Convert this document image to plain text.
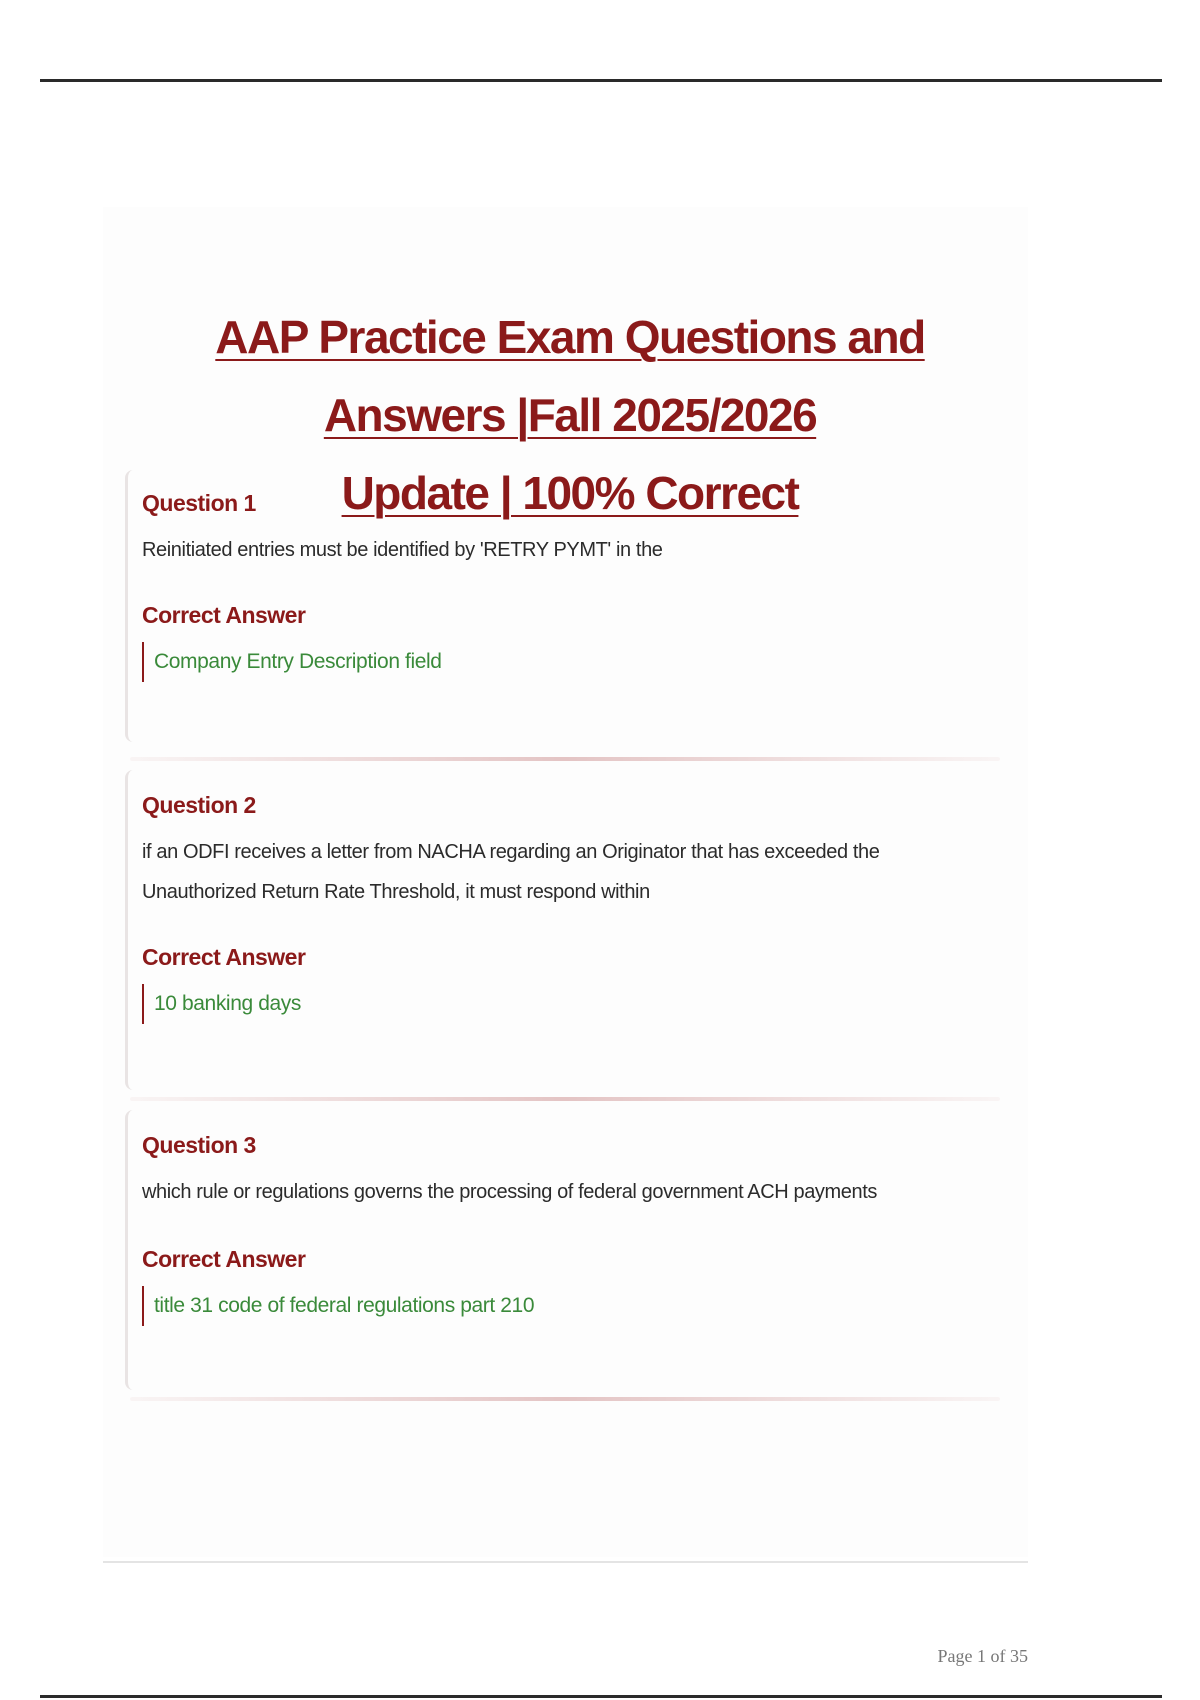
AAP Practice Exam Questions and Answers |Fall 2025/2026
Update | 100% Correct
Question 1
Reinitiated entries must be identified by 'RETRY PYMT' in the
Correct Answer
Company Entry Description field
Question 2
if an ODFI receives a letter from NACHA regarding an Originator that has exceeded the Unauthorized Return Rate Threshold, it must respond within
Correct Answer
10 banking days
Question 3
which rule or regulations governs the processing of federal government ACH payments
Correct Answer
title 31 code of federal regulations part 210
Page 1 of 35
